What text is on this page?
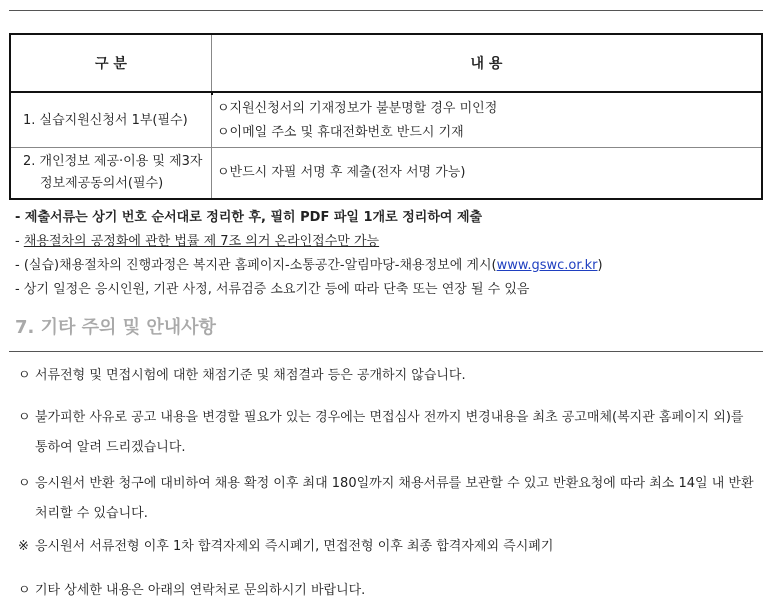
구 분	내 용

1. 실습지원신청서 1부(필수)	ㅇ지원신청서의 기재정보가 불분명할 경우 미인정
ㅇ이메일 주소 및 휴대전화번호 반드시 기재

2. 개인정보 제공·이용 및 제3자
정보제공동의서(필수)	ㅇ반드시 자필 서명 후 제출(전자 서명 가능)
- 제출서류는 상기 번호 순서대로 정리한 후, 필히 PDF 파일 1개로 정리하여 제출
- 채용절차의 공정화에 관한 법률 제 7조 의거 온라인접수만 가능
- (실습)채용절차의 진행과정은 복지관 홈페이지-소통공간-알림마당-채용정보에 게시(www.gswc.or.kr)
- 상기 일정은 응시인원, 기관 사정, 서류검증 소요기간 등에 따라 단축 또는 연장 될 수 있음
7. 기타 주의 및 안내사항
ㅇ 서류전형 및 면접시험에 대한 채점기준 및 채점결과 등은 공개하지 않습니다.
ㅇ 불가피한 사유로 공고 내용을 변경할 필요가 있는 경우에는 면접심사 전까지 변경내용을 최초 공고매체(복지관 홈페이지 외)를 통하여 알려 드리겠습니다.
ㅇ 응시원서 반환 청구에 대비하여 채용 확정 이후 최대 180일까지 채용서류를 보관할 수 있고 반환요청에 따라 최소 14일 내 반환 처리할 수 있습니다.
※ 응시원서 서류전형 이후 1차 합격자제외 즉시폐기, 면접전형 이후 최종 합격자제외 즉시폐기
ㅇ 기타 상세한 내용은 아래의 연락처로 문의하시기 바랍니다.
